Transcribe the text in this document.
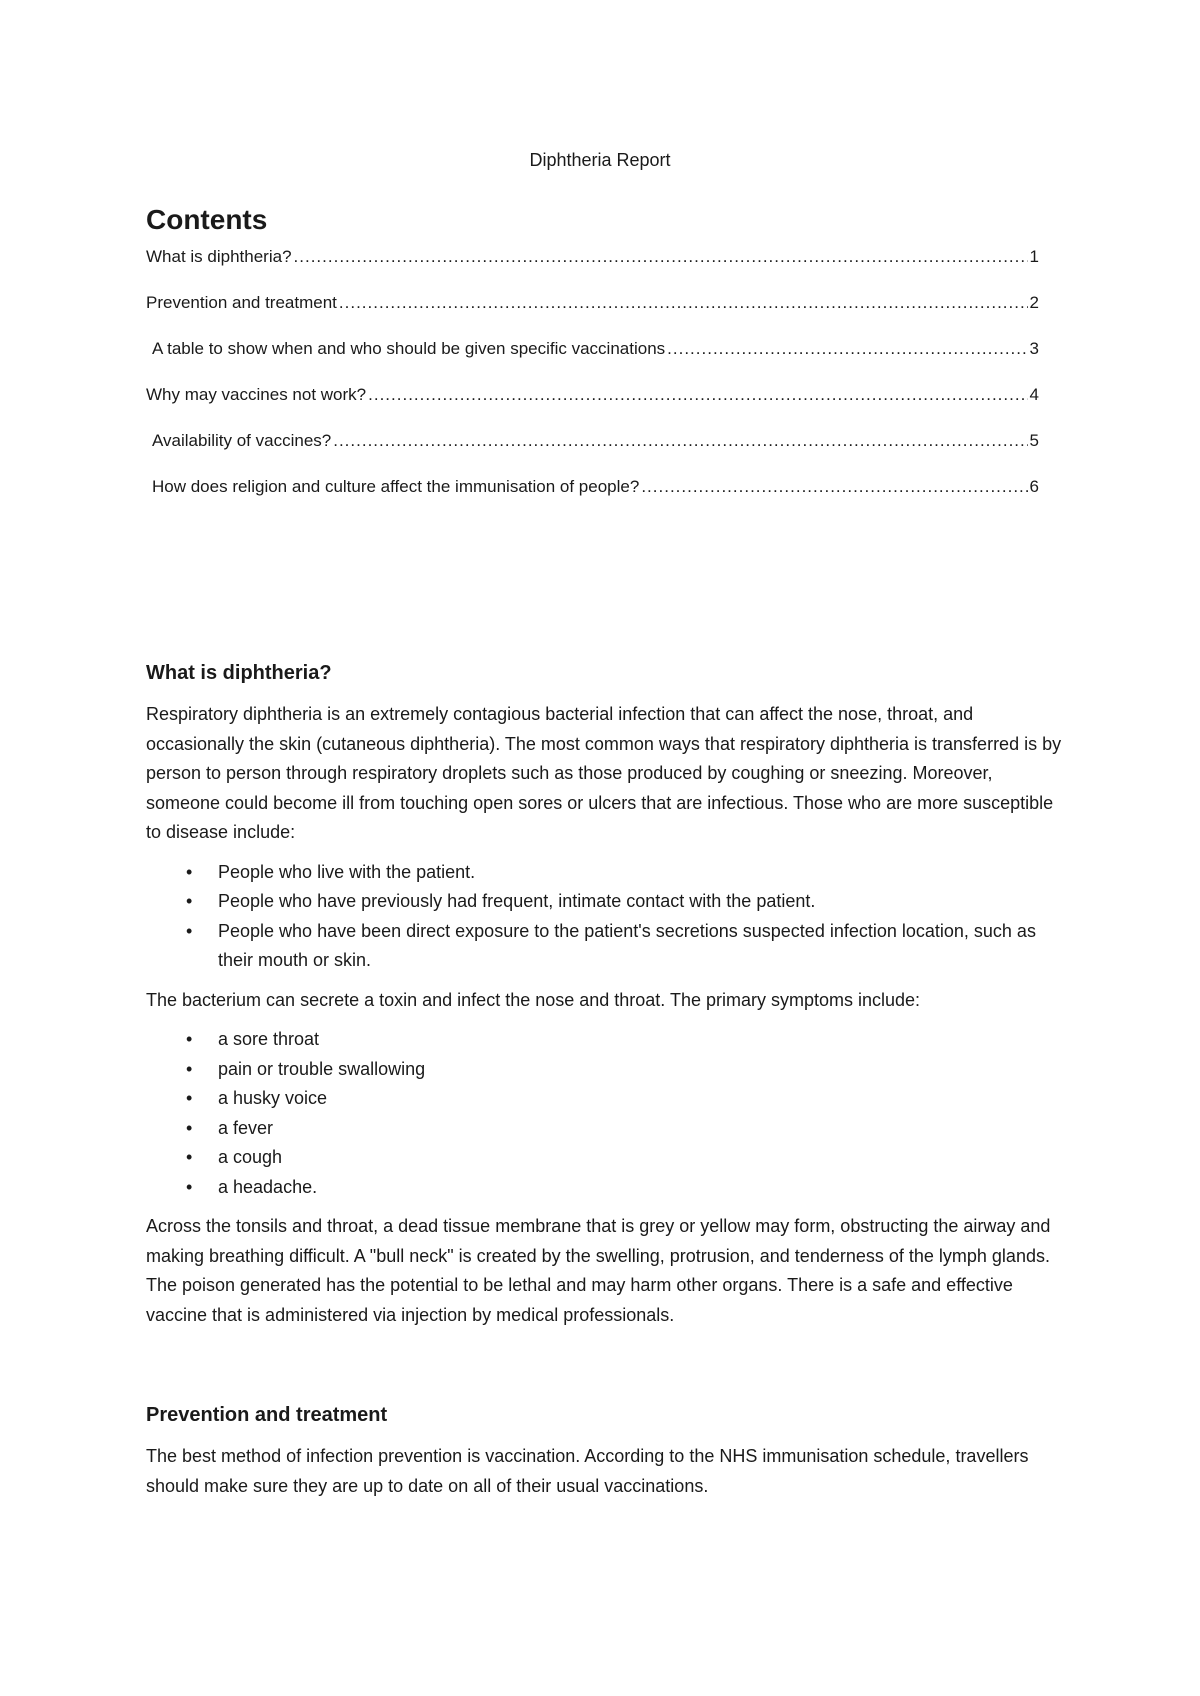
Diphtheria Report
Contents
What is diphtheria? .....	1
Prevention and treatment .....	2
A table to show when and who should be given specific vaccinations .....	3
Why may vaccines not work? .....	4
Availability of vaccines? .....	5
How does religion and culture affect the immunisation of people? .....	6
What is diphtheria?

Respiratory diphtheria is an extremely contagious bacterial infection that can affect the nose, throat, and occasionally the skin (cutaneous diphtheria). The most common ways that respiratory diphtheria is transferred is by person to person through respiratory droplets such as those produced by coughing or sneezing. Moreover, someone could become ill from touching open sores or ulcers that are infectious. Those who are more susceptible to disease include:

• People who live with the patient.
• People who have previously had frequent, intimate contact with the patient.
• People who have been direct exposure to the patient's secretions suspected infection location, such as their mouth or skin.

The bacterium can secrete a toxin and infect the nose and throat. The primary symptoms include:

• a sore throat
• pain or trouble swallowing
• a husky voice
• a fever
• a cough
• a headache.

Across the tonsils and throat, a dead tissue membrane that is grey or yellow may form, obstructing the airway and making breathing difficult. A "bull neck" is created by the swelling, protrusion, and tenderness of the lymph glands. The poison generated has the potential to be lethal and may harm other organs. There is a safe and effective vaccine that is administered via injection by medical professionals.

Prevention and treatment

The best method of infection prevention is vaccination. According to the NHS immunisation schedule, travellers should make sure they are up to date on all of their usual vaccinations.
